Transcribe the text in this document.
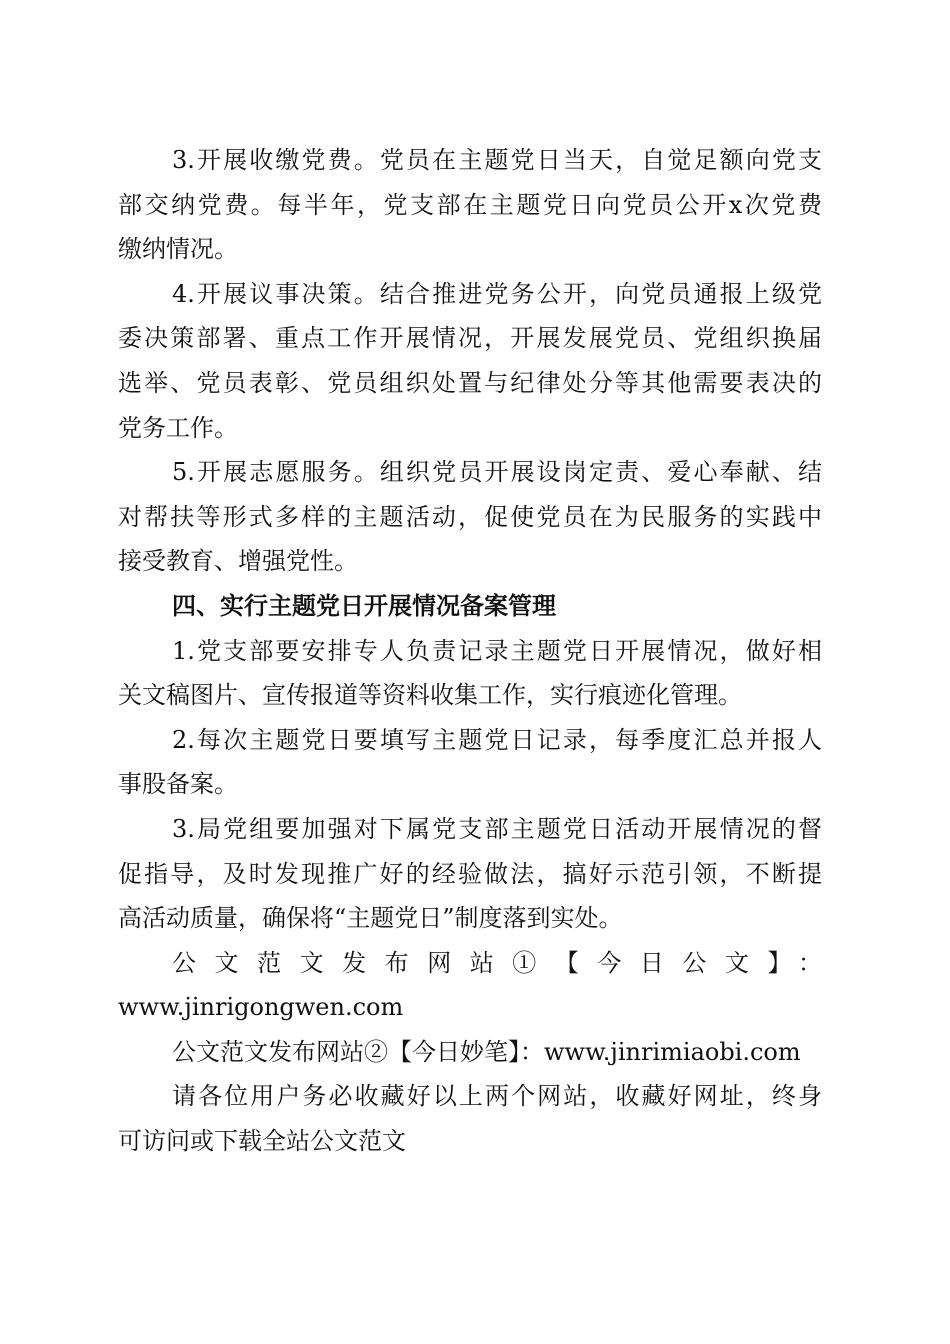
3.开展收缴党费。党员在主题党日当天，自觉足额向党支
部交纳党费。每半年，党支部在主题党日向党员公开x次党费
缴纳情况。
4.开展议事决策。结合推进党务公开，向党员通报上级党
委决策部署、重点工作开展情况，开展发展党员、党组织换届
选举、党员表彰、党员组织处置与纪律处分等其他需要表决的
党务工作。
5.开展志愿服务。组织党员开展设岗定责、爱心奉献、结
对帮扶等形式多样的主题活动，促使党员在为民服务的实践中
接受教育、增强党性。
四、实行主题党日开展情况备案管理
1.党支部要安排专人负责记录主题党日开展情况，做好相
关文稿图片、宣传报道等资料收集工作，实行痕迹化管理。
2.每次主题党日要填写主题党日记录，每季度汇总并报人
事股备案。
3.局党组要加强对下属党支部主题党日活动开展情况的督
促指导，及时发现推广好的经验做法，搞好示范引领，不断提
高活动质量，确保将“主题党日”制度落到实处。
公文范文发布网站①【今日公文】：
www.jinrigongwen.com
公文范文发布网站②【今日妙笔】：www.jinrimiaobi.com
请各位用户务必收藏好以上两个网站，收藏好网址，终身
可访问或下载全站公文范文
